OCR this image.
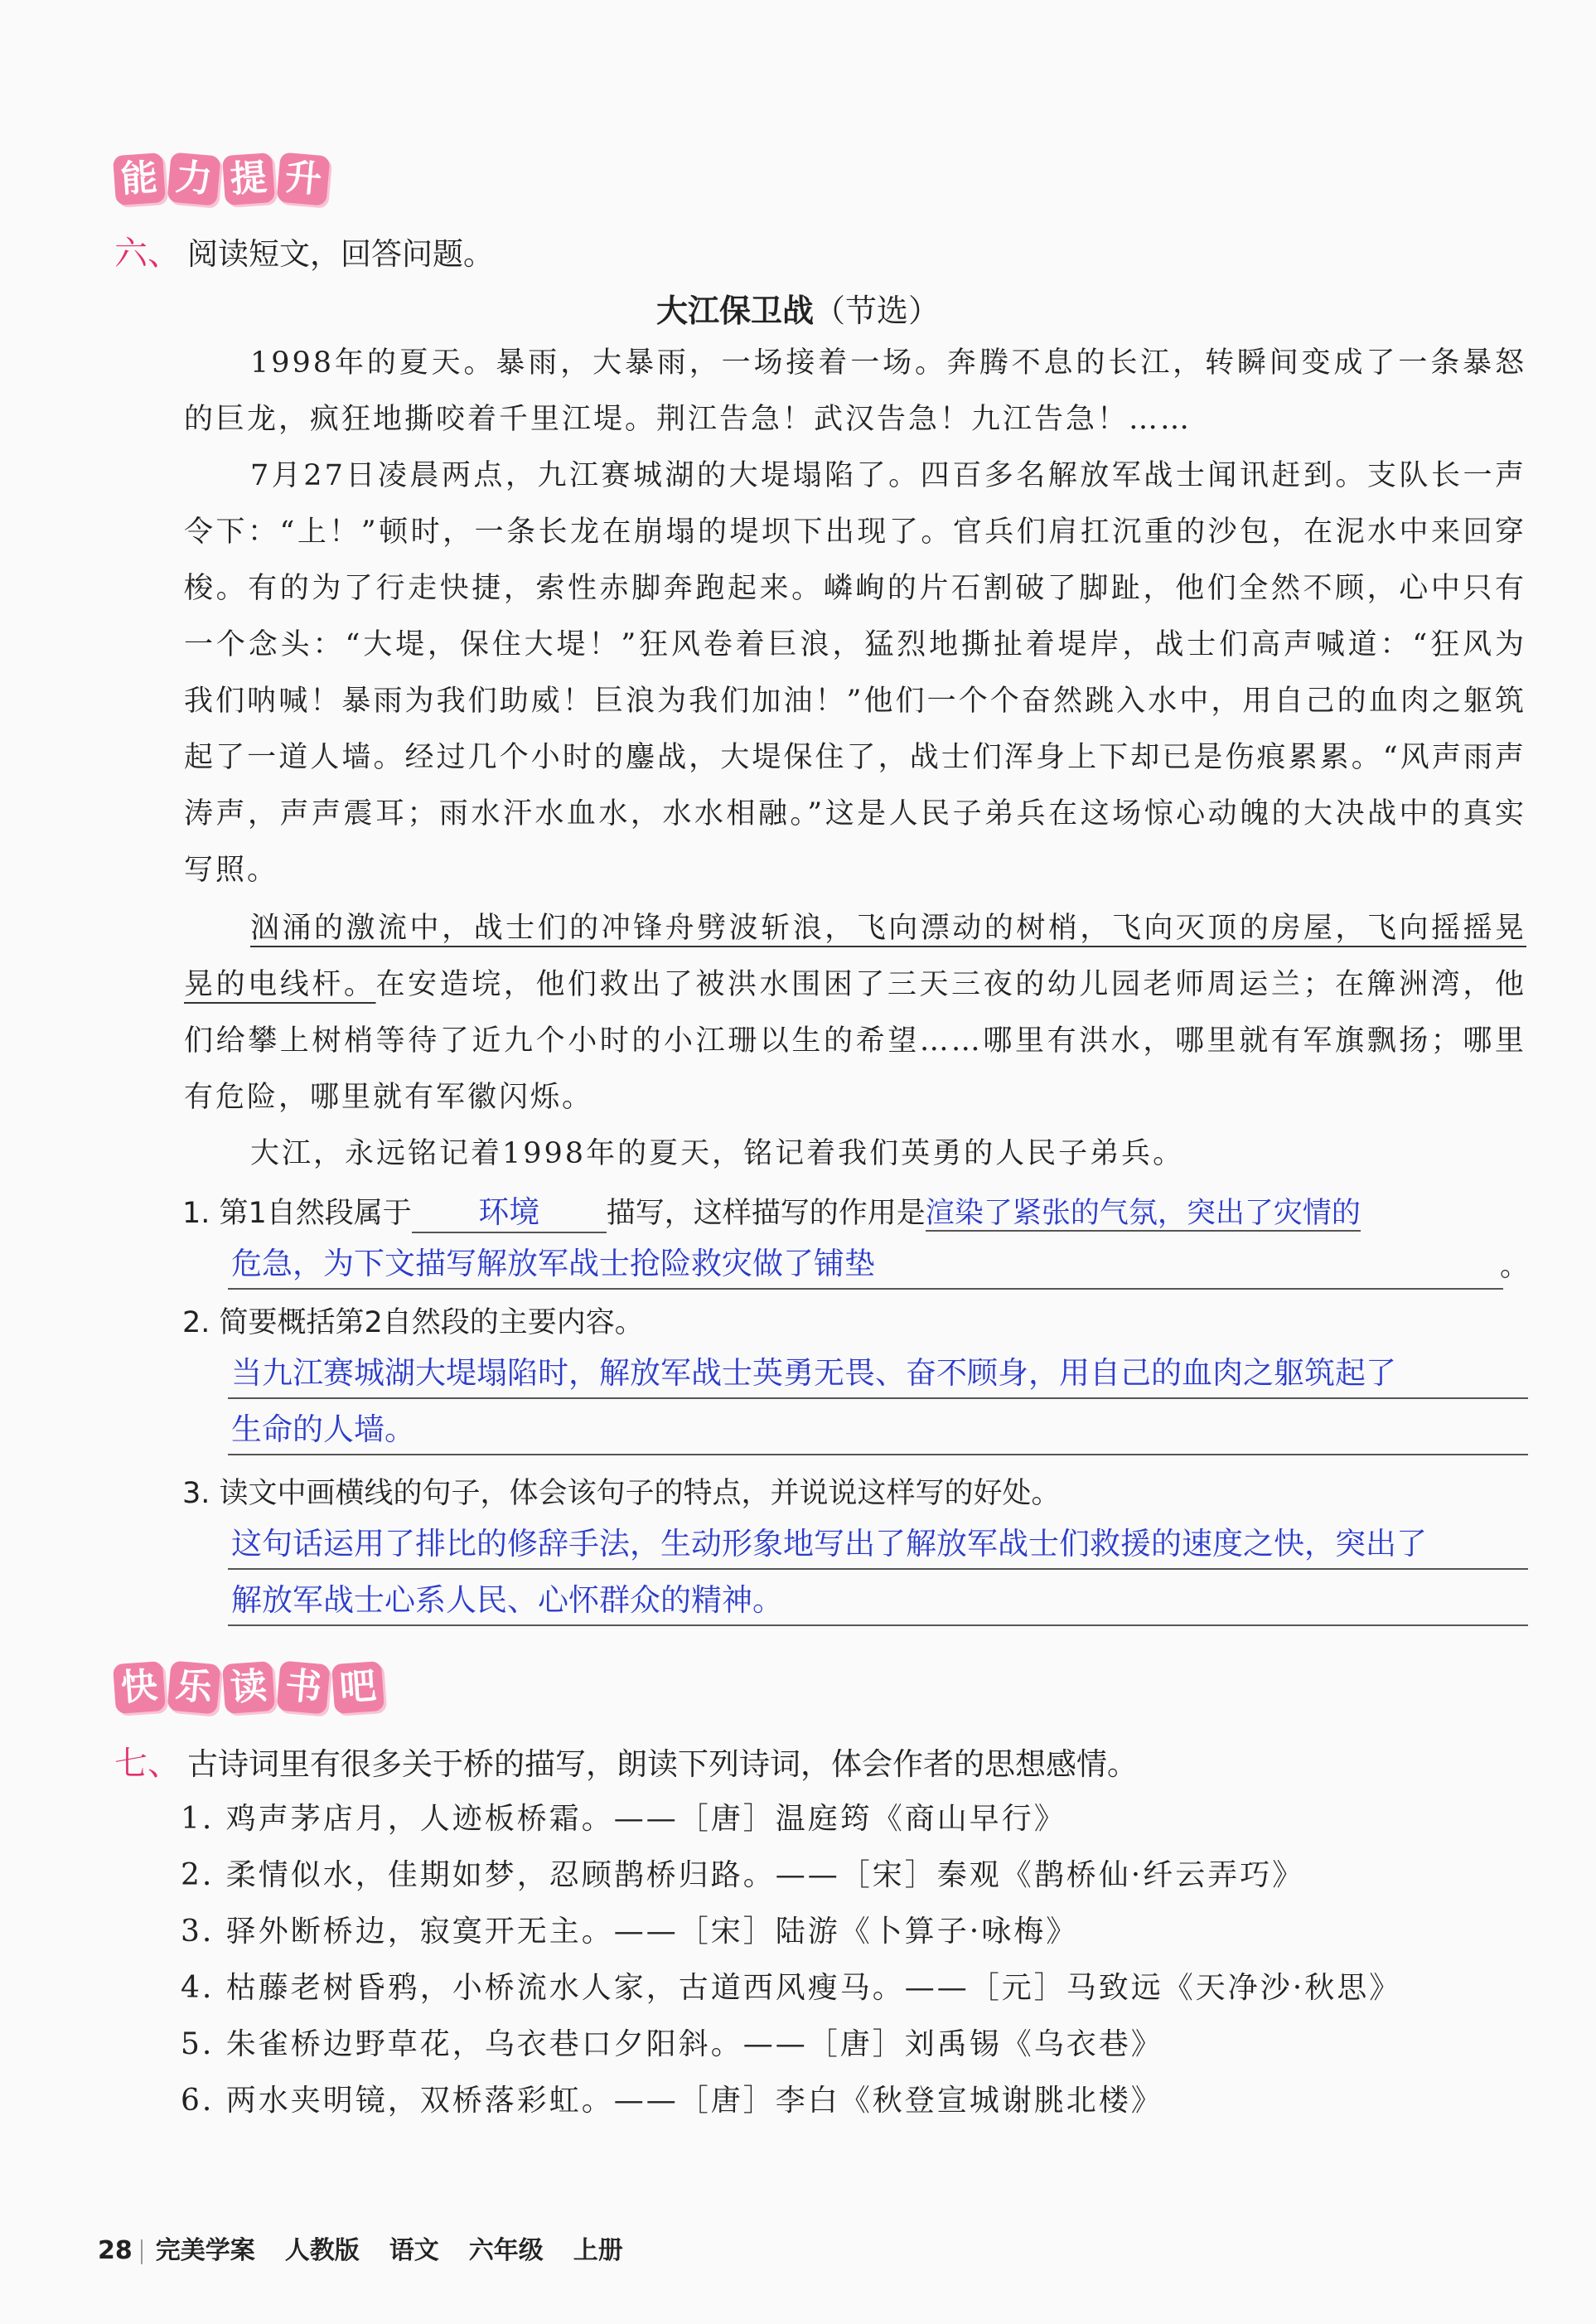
能 力 提 升
六、 阅读短文，回答问题。
大江保卫战（节选）

1998年的夏天。暴雨，大暴雨，一场接着一场。奔腾不息的长江，转瞬间变成了一条暴怒的巨龙，疯狂地撕咬着千里江堤。荆江告急！武汉告急！九江告急！……

7月27日凌晨两点，九江赛城湖的大堤塌陷了。四百多名解放军战士闻讯赶到。支队长一声令下：“上！”顿时，一条长龙在崩塌的堤坝下出现了。官兵们肩扛沉重的沙包，在泥水中来回穿梭。有的为了行走快捷，索性赤脚奔跑起来。嶙峋的片石割破了脚趾，他们全然不顾，心中只有一个念头：“大堤，保住大堤！”狂风卷着巨浪，猛烈地撕扯着堤岸，战士们高声喊道：“狂风为我们呐喊！暴雨为我们助威！巨浪为我们加油！”他们一个个奋然跳入水中，用自己的血肉之躯筑起了一道人墙。经过几个小时的鏖战，大堤保住了，战士们浑身上下却已是伤痕累累。“风声雨声涛声，声声震耳；雨水汗水血水，水水相融。”这是人民子弟兵在这场惊心动魄的大决战中的真实写照。

汹涌的激流中，战士们的冲锋舟劈波斩浪，飞向漂动的树梢，飞向灭顶的房屋，飞向摇摇晃晃的电线杆。在安造垸，他们救出了被洪水围困了三天三夜的幼儿园老师周运兰；在簰洲湾，他们给攀上树梢等待了近九个小时的小江珊以生的希望……哪里有洪水，哪里就有军旗飘扬；哪里有危险，哪里就有军徽闪烁。

大江，永远铭记着1998年的夏天，铭记着我们英勇的人民子弟兵。

1. 第1自然段属于 环境 描写，这样描写的作用是渲染了紧张的气氛，突出了灾情的
危急，为下文描写解放军战士抢险救灾做了铺垫	。
2. 简要概括第2自然段的主要内容。
当九江赛城湖大堤塌陷时，解放军战士英勇无畏、奋不顾身，用自己的血肉之躯筑起了
生命的人墙。
3. 读文中画横线的句子，体会该句子的特点，并说说这样写的好处。
这句话运用了排比的修辞手法，生动形象地写出了解放军战士们救援的速度之快，突出了
解放军战士心系人民、心怀群众的精神。
快 乐 读 书 吧
七、 古诗词里有很多关于桥的描写，朗读下列诗词，体会作者的思想感情。
1. 鸡声茅店月，人迹板桥霜。——［唐］温庭筠《商山早行》
2. 柔情似水，佳期如梦，忍顾鹊桥归路。——［宋］秦观《鹊桥仙·纤云弄巧》
3. 驿外断桥边，寂寞开无主。——［宋］陆游《卜算子·咏梅》
4. 枯藤老树昏鸦，小桥流水人家，古道西风瘦马。——［元］马致远《天净沙·秋思》
5. 朱雀桥边野草花，乌衣巷口夕阳斜。——［唐］刘禹锡《乌衣巷》
6. 两水夹明镜，双桥落彩虹。——［唐］李白《秋登宣城谢朓北楼》
28 完美学案 人教版 语文 六年级 上册
